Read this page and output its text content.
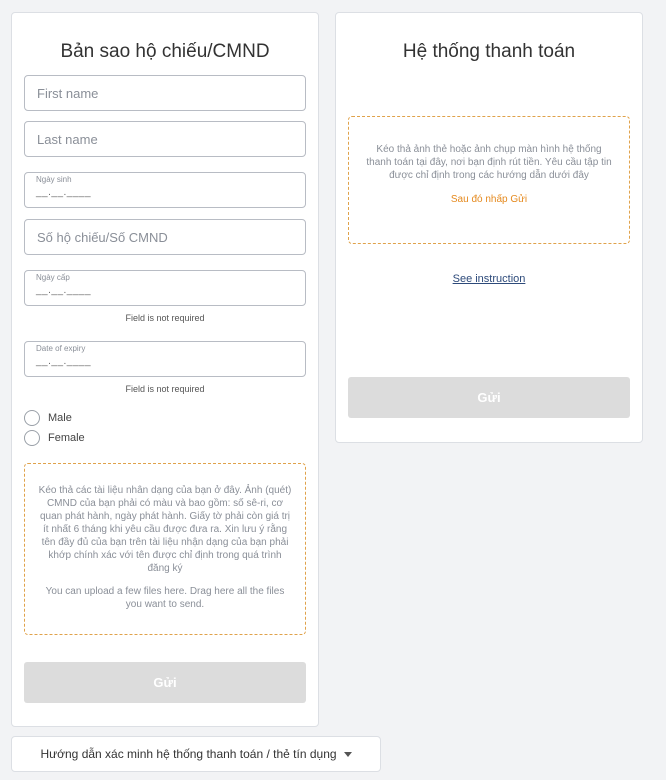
Bản sao hộ chiếu/CMND
First name
Last name
Ngày sinh
__.__.____
Số hộ chiếu/Số CMND
Ngày cấp
__.__.____
Field is not required
Date of expiry
__.__.____
Field is not required
Male
Female

Kéo thả các tài liệu nhân dạng của bạn ở đây. Ảnh (quét) CMND của bạn phải có màu và bao gồm: số sê-ri, cơ quan phát hành, ngày phát hành. Giấy tờ phải còn giá trị ít nhất 6 tháng khi yêu cầu được đưa ra. Xin lưu ý rằng tên đầy đủ của bạn trên tài liệu nhận dạng của bạn phải khớp chính xác với tên được chỉ định trong quá trình đăng ký

You can upload a few files here. Drag here all the files you want to send.

Gửi
Hệ thống thanh toán

Kéo thả ảnh thẻ hoặc ảnh chụp màn hình hệ thống thanh toán tại đây, nơi bạn định rút tiền. Yêu cầu tập tin được chỉ định trong các hướng dẫn dưới đây

Sau đó nhấp Gửi

See instruction
Gửi
Hướng dẫn xác minh hệ thống thanh toán / thẻ tín dụng
